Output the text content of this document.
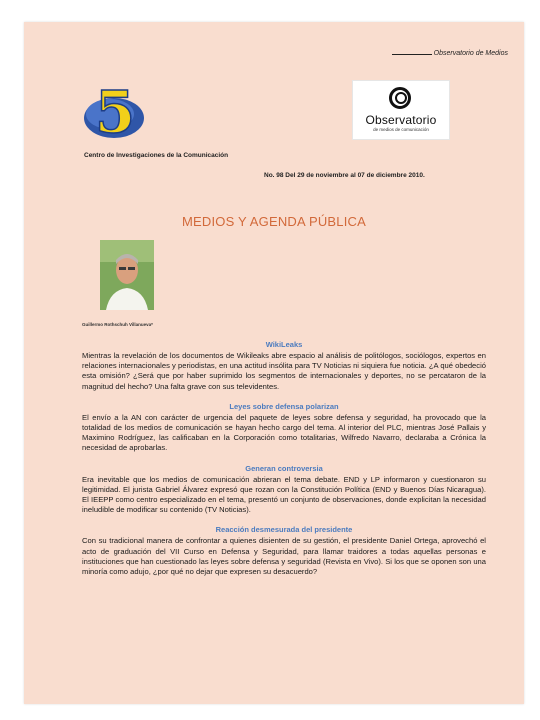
Observatorio de Medios
5	Observatorio
de medios de comunicación
Centro de Investigaciones de la Comunicación
No. 98 Del 29 de noviembre al 07 de diciembre 2010.
MEDIOS Y AGENDA PÚBLICA
Guillermo Rothschuh Villanueva*
WikiLeaks

Mientras la revelación de los documentos de Wikileaks abre espacio al análisis de politólogos, sociólogos, expertos en relaciones internacionales y periodistas, en una actitud insólita para TV Noticias ni siquiera fue noticia. ¿A qué obedeció esta omisión? ¿Será que por haber suprimido los segmentos de internacionales y deportes, no se percataron de la magnitud del hecho? Una falta grave con sus televidentes.

Leyes sobre defensa polarizan

El envío a la AN con carácter de urgencia del paquete de leyes sobre defensa y seguridad, ha provocado que la totalidad de los medios de comunicación se hayan hecho cargo del tema. Al interior del PLC, mientras José Pallais y Maximino Rodríguez, las calificaban en la Corporación como totalitarias, Wilfredo Navarro, declaraba a Crónica la necesidad de aprobarlas.

Generan controversia

Era inevitable que los medios de comunicación abrieran el tema debate. END y LP informaron y cuestionaron su legitimidad. El jurista Gabriel Álvarez expresó que rozan con la Constitución Política (END y Buenos Días Nicaragua). El IEEPP como centro especializado en el tema, presentó un conjunto de observaciones, donde explicitan la necesidad ineludible de modificar su contenido (TV Noticias).

Reacción desmesurada del presidente

Con su tradicional manera de confrontar a quienes disienten de su gestión, el presidente Daniel Ortega, aprovechó el acto de graduación del VII Curso en Defensa y Seguridad, para llamar traidores a todas aquellas personas e instituciones que han cuestionado las leyes sobre defensa y seguridad (Revista en Vivo). Si los que se oponen son una minoría como adujo, ¿por qué no dejar que expresen su desacuerdo?
